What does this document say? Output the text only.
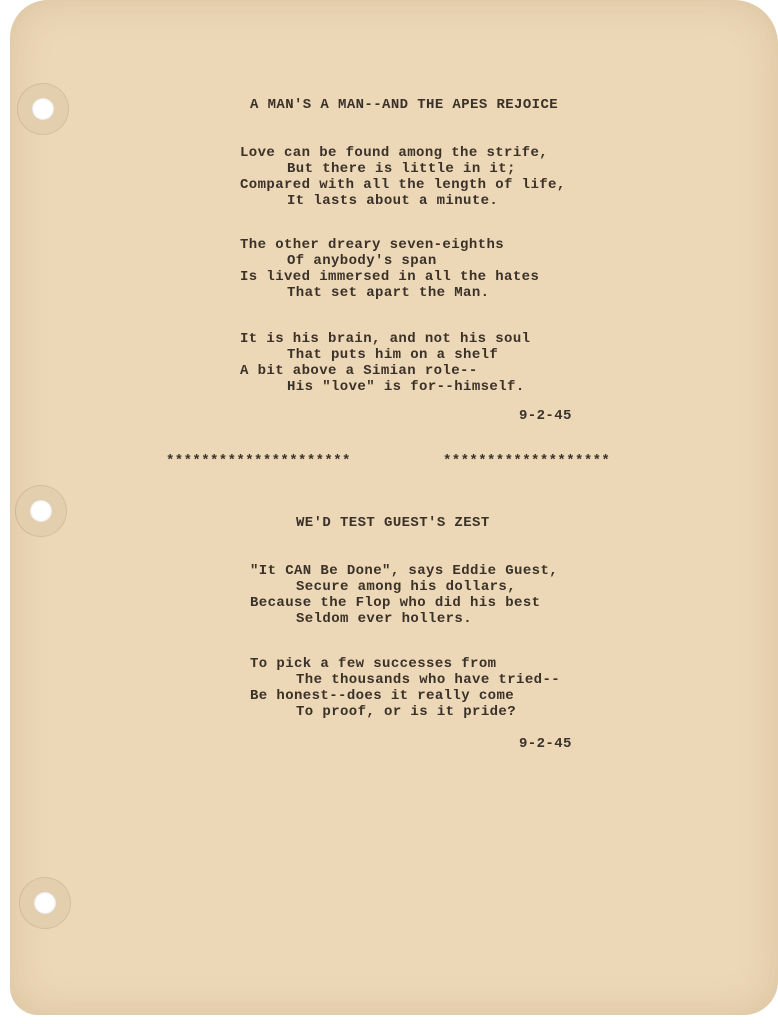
A MAN'S A MAN--AND THE APES REJOICE
Love can be found among the strife,
But there is little in it;
Compared with all the length of life,
It lasts about a minute.
The other dreary seven-eighths
Of anybody's span
Is lived immersed in all the hates
That set apart the Man.
It is his brain, and not his soul
That puts him on a shelf
A bit above a Simian role--
His "love" is for--himself.
9-2-45
*********************	*******************
WE'D TEST GUEST'S ZEST
"It CAN Be Done", says Eddie Guest,
Secure among his dollars,
Because the Flop who did his best
Seldom ever hollers.
To pick a few successes from
The thousands who have tried--
Be honest--does it really come
To proof, or is it pride?
9-2-45
